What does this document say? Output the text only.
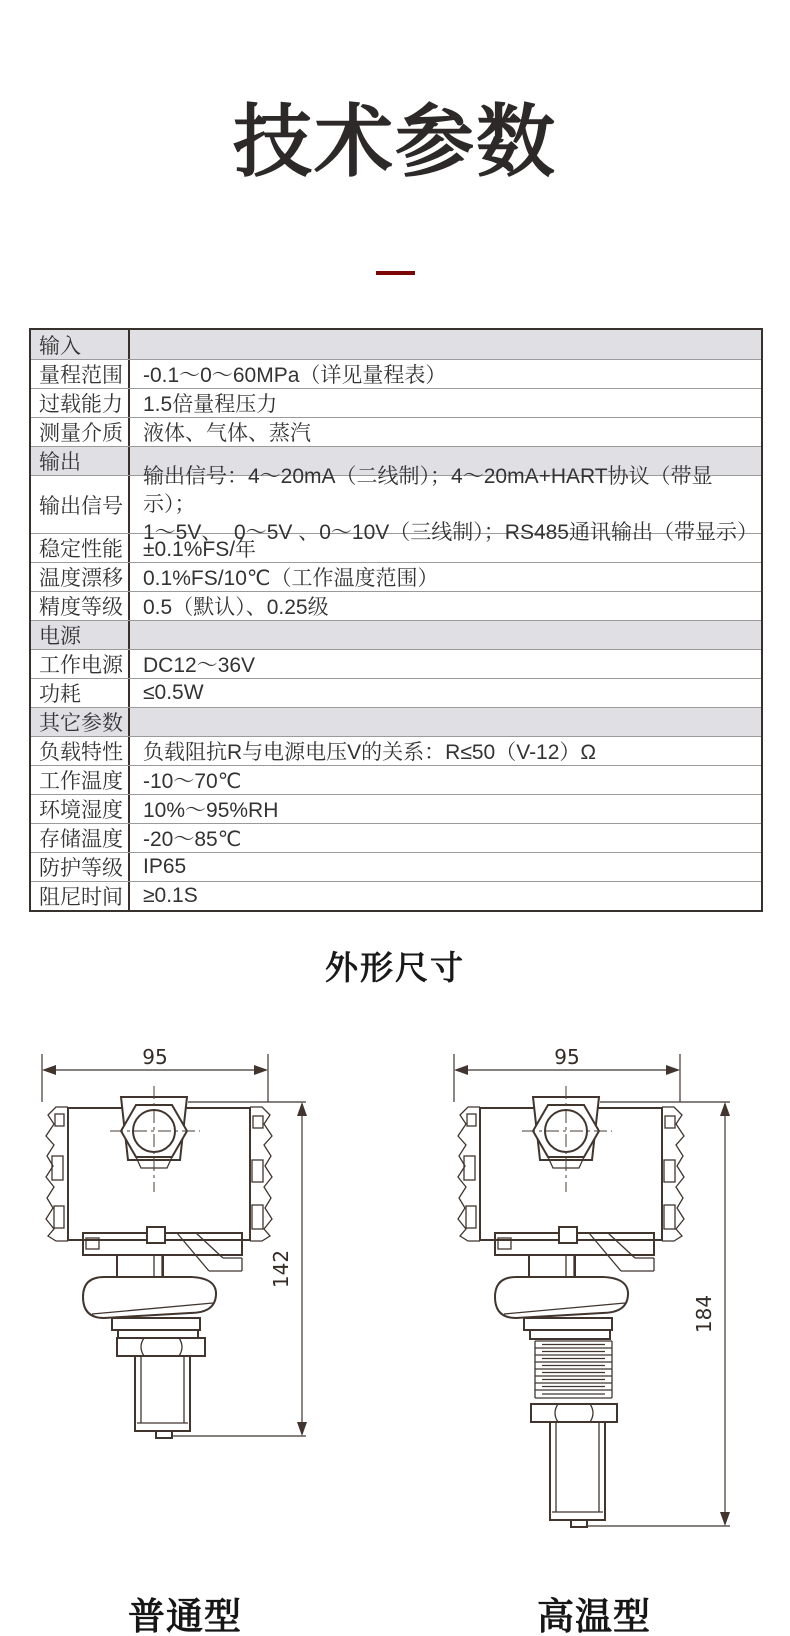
技术参数
输入
量程范围 -0.1～0～60MPa（详见量程表）
过载能力 1.5倍量程压力
测量介质 液体、气体、蒸汽
输出
输出信号
输出信号：4～20mA（二线制）；4～20mA+HART协议（带显示）；
1～5V、  0～5V 、0～10V（三线制）；RS485通讯输出（带显示）
稳定性能 ±0.1%FS/年
温度漂移 0.1%FS/10℃（工作温度范围）
精度等级 0.5（默认）、0.25级
电源
工作电源 DC12～36V
功耗	≤0.5W
其它参数
负载特性 负载阻抗R与电源电压V的关系：R≤50（V-12）Ω
工作温度 -10～70℃
环境湿度 10%～95%RH
存储温度 -20～85℃
防护等级 IP65
阻尼时间 ≥0.1S
外形尺寸
95
142
95
184
普通型	高温型
